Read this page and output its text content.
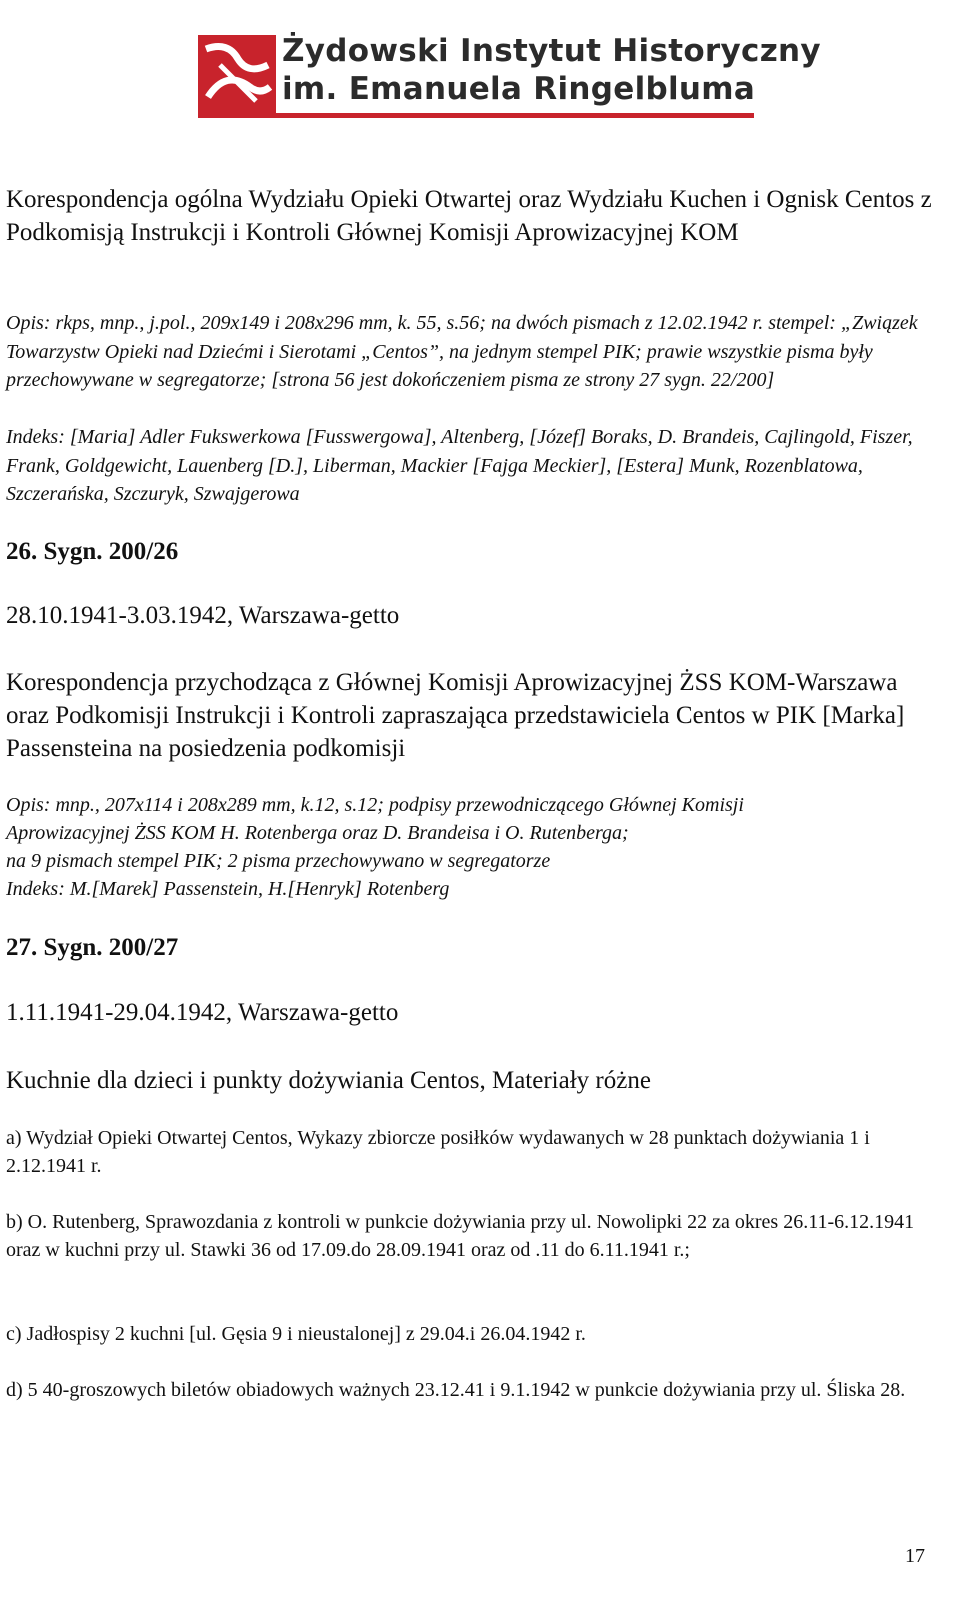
Żydowski Instytut Historyczny
im. Emanuela Ringelbluma

Korespondencja ogólna Wydziału Opieki Otwartej oraz Wydziału Kuchen i Ognisk Centos z Podkomisją Instrukcji i Kontroli Głównej Komisji Aprowizacyjnej KOM

Opis: rkps, mnp., j.pol., 209x149 i 208x296 mm, k. 55, s.56; na dwóch pismach z 12.02.1942 r. stempel: „Związek Towarzystw Opieki nad Dziećmi i Sierotami „Centos”, na jednym stempel PIK; prawie wszystkie pisma były przechowywane w segregatorze; [strona 56 jest dokończeniem pisma ze strony 27 sygn. 22/200]

Indeks: [Maria] Adler Fukswerkowa [Fusswergowa], Altenberg, [Józef] Boraks, D. Brandeis, Cajlingold, Fiszer, Frank, Goldgewicht, Lauenberg [D.], Liberman, Mackier [Fajga Meckier], [Estera] Munk, Rozenblatowa, Szczerańska, Szczuryk, Szwajgerowa

26. Sygn. 200/26

28.10.1941-3.03.1942, Warszawa-getto

Korespondencja przychodząca z Głównej Komisji Aprowizacyjnej ŻSS KOM-Warszawa oraz Podkomisji Instrukcji i Kontroli zapraszająca przedstawiciela Centos w PIK [Marka] Passensteina na posiedzenia podkomisji

Opis: mnp., 207x114 i 208x289 mm, k.12, s.12; podpisy przewodniczącego Głównej Komisji

Aprowizacyjnej ŻSS KOM H. Rotenberga oraz D. Brandeisa i O. Rutenberga;

na 9 pismach stempel PIK; 2 pisma przechowywano w segregatorze

Indeks: M.[Marek] Passenstein, H.[Henryk] Rotenberg

27. Sygn. 200/27

1.11.1941-29.04.1942, Warszawa-getto

Kuchnie dla dzieci i punkty dożywiania Centos, Materiały różne

a) Wydział Opieki Otwartej Centos, Wykazy zbiorcze posiłków wydawanych w 28 punktach dożywiania 1 i 2.12.1941 r.

b) O. Rutenberg, Sprawozdania z kontroli w punkcie dożywiania przy ul. Nowolipki 22 za okres 26.11-6.12.1941 oraz w kuchni przy ul. Stawki 36 od 17.09.do 28.09.1941 oraz od .11 do 6.11.1941 r.;

c) Jadłospisy 2 kuchni [ul. Gęsia 9 i nieustalonej] z 29.04.i 26.04.1942 r.

d) 5 40-groszowych biletów obiadowych ważnych 23.12.41 i 9.1.1942 w punkcie dożywiania przy ul. Śliska 28.

17
